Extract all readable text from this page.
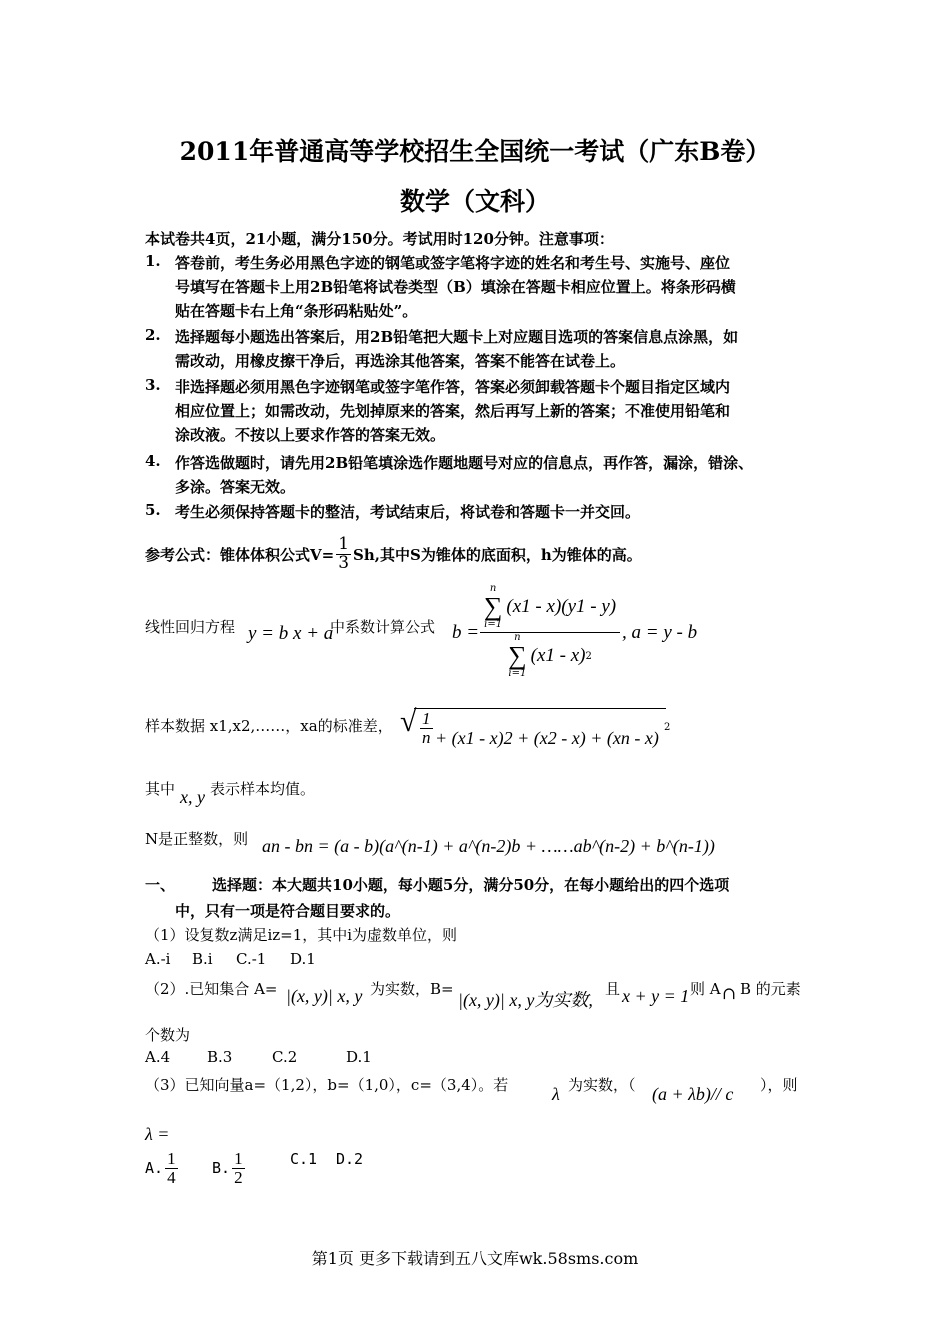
2011年普通高等学校招生全国统一考试（广东B卷）
数学（文科）
本试卷共4页，21小题，满分150分。考试用时120分钟。注意事项：
1. 答卷前，考生务必用黑色字迹的钢笔或签字笔将字迹的姓名和考生号、实施号、座位
号填写在答题卡上用2B铅笔将试卷类型（B）填涂在答题卡相应位置上。将条形码横
贴在答题卡右上角“条形码粘贴处”。
2. 选择题每小题选出答案后，用2B铅笔把大题卡上对应题目选项的答案信息点涂黑，如
需改动，用橡皮擦干净后，再选涂其他答案，答案不能答在试卷上。
3. 非选择题必须用黑色字迹钢笔或签字笔作答，答案必须卸载答题卡个题目指定区域内
相应位置上；如需改动，先划掉原来的答案，然后再写上新的答案；不准使用铅笔和
涂改液。不按以上要求作答的答案无效。
4. 作答选做题时，请先用2B铅笔填涂选作题地题号对应的信息点，再作答，漏涂，错涂、
多涂。答案无效。
5. 考生必须保持答题卡的整洁，考试结束后，将试卷和答题卡一并交回。
参考公式：锥体体积公式$V= \frac{1}{3} Sh$,其中S为锥体的底面积，h为锥体的高。
线性回归方程 y = b x + a
中系数计算公式 b =
n
∑
i=1
(x1 - x)(y1 - y)
n
∑
i=1
(x1 - x) 2
, a = y - b
样本数据 x1,x2,……，xa的标准差， √ $\frac{1}{n} + (x1 - x)2 + (x2 - x) + (xn - x)$
2
其中 x, y 表示样本均值。
N是正整数，则 an - bn = (a - b)(a^(n-1) + a^(n-2)b + ……ab^(n-2) + b^(n-1))
一、 选择题：本大题共10小题，每小题5分，满分50分，在每小题给出的四个选项
中，只有一项是符合题目要求的。
（1）设复数z满足iz=1，其中i为虚数单位，则
A.-i B.i C.-1 D.1
（2）.已知集合 A= |(x, y)| x, y 为实数，B=
|(x, y)| x, y为实数,
且 x + y = 1 则 A ∩ B 的元素
个数为
A.4 B.3	C.2	D.1
（3）已知向量a=（1,2），b=（1,0），c=（3,4）。若 λ 为实数，（ (a + λb)// c ），则
λ =
A. $\frac{1}{4} B$. $\frac{1}{2}$	C.1 D.2
第1页 更多下载请到五八文库wk.58sms.com
